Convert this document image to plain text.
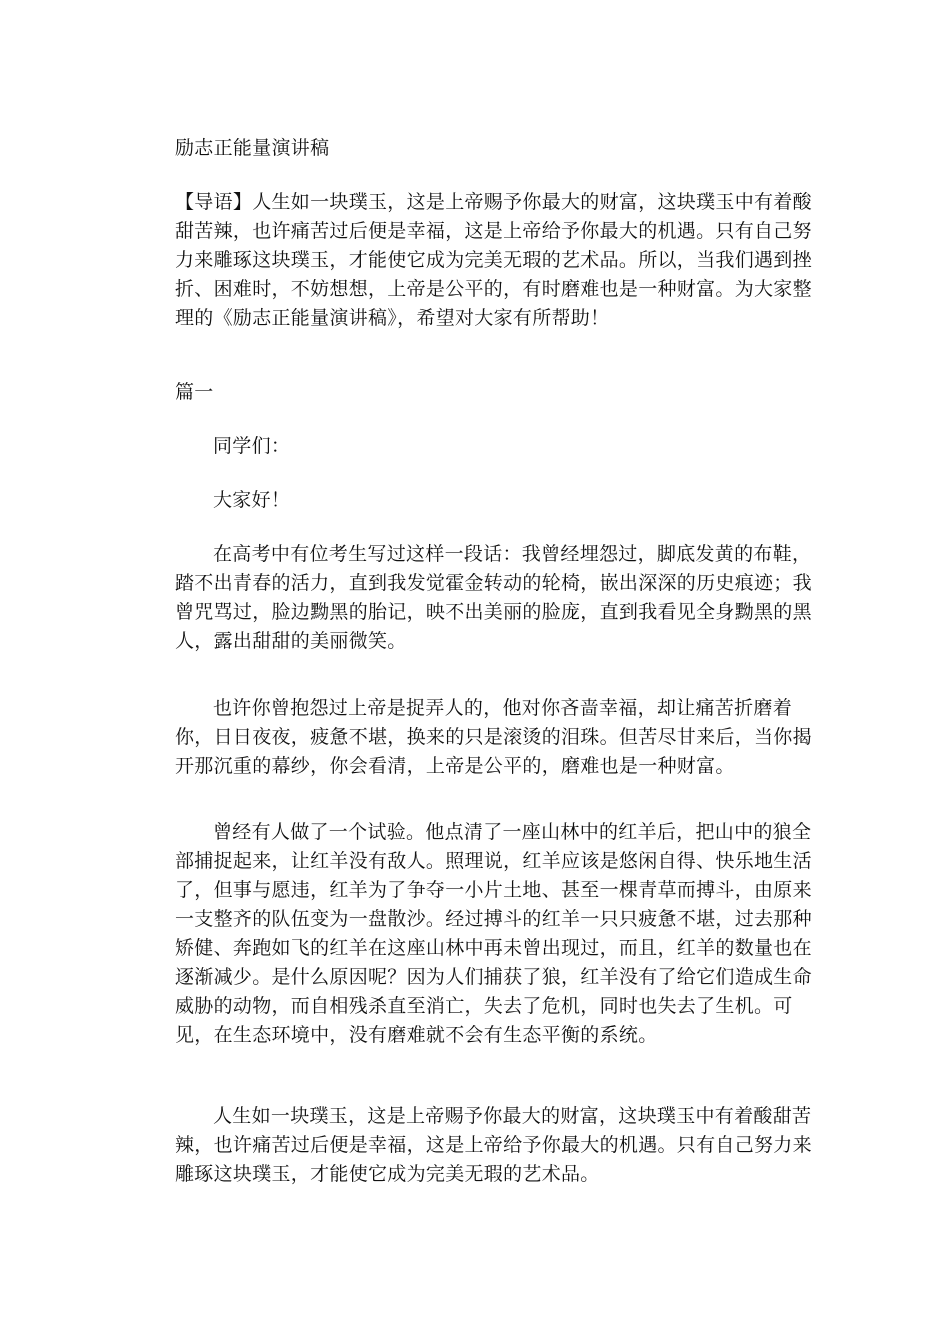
励志正能量演讲稿
【导语】人生如一块璞玉，这是上帝赐予你最大的财富，这块璞玉中有着酸甜苦辣，也许痛苦过后便是幸福，这是上帝给予你最大的机遇。只有自己努力来雕琢这块璞玉，才能使它成为完美无瑕的艺术品。所以，当我们遇到挫折、困难时，不妨想想，上帝是公平的，有时磨难也是一种财富。为大家整理的《励志正能量演讲稿》，希望对大家有所帮助！
篇一
同学们：
大家好！
在高考中有位考生写过这样一段话：我曾经埋怨过，脚底发黄的布鞋，踏不出青春的活力，直到我发觉霍金转动的轮椅，嵌出深深的历史痕迹；我曾咒骂过，脸边黝黑的胎记，映不出美丽的脸庞，直到我看见全身黝黑的黑人，露出甜甜的美丽微笑。
也许你曾抱怨过上帝是捉弄人的，他对你吝啬幸福，却让痛苦折磨着你，日日夜夜，疲惫不堪，换来的只是滚烫的泪珠。但苦尽甘来后，当你揭开那沉重的幕纱，你会看清，上帝是公平的，磨难也是一种财富。
曾经有人做了一个试验。他点清了一座山林中的红羊后，把山中的狼全部捕捉起来，让红羊没有敌人。照理说，红羊应该是悠闲自得、快乐地生活了，但事与愿违，红羊为了争夺一小片土地、甚至一棵青草而搏斗，由原来一支整齐的队伍变为一盘散沙。经过搏斗的红羊一只只疲惫不堪，过去那种矫健、奔跑如飞的红羊在这座山林中再未曾出现过，而且，红羊的数量也在逐渐减少。是什么原因呢？因为人们捕获了狼，红羊没有了给它们造成生命威胁的动物，而自相残杀直至消亡，失去了危机，同时也失去了生机。可见，在生态环境中，没有磨难就不会有生态平衡的系统。
人生如一块璞玉，这是上帝赐予你最大的财富，这块璞玉中有着酸甜苦辣，也许痛苦过后便是幸福，这是上帝给予你最大的机遇。只有自己努力来雕琢这块璞玉，才能使它成为完美无瑕的艺术品。
